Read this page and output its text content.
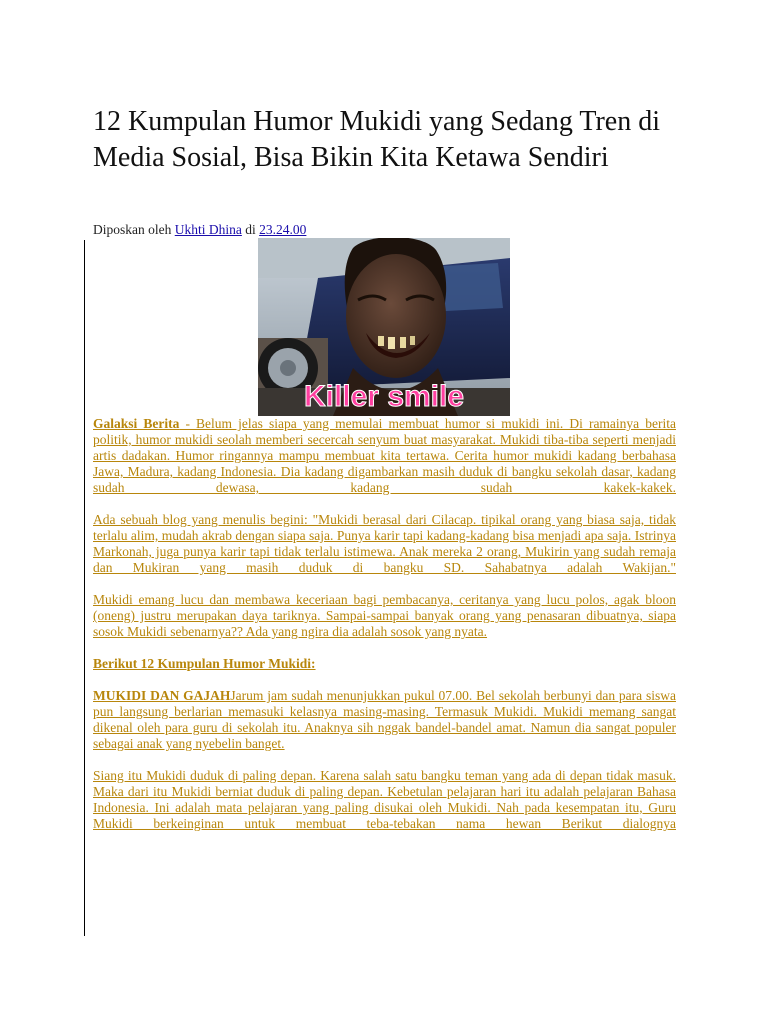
12 Kumpulan Humor Mukidi yang Sedang Tren di Media Sosial, Bisa Bikin Kita Ketawa Sendiri
Diposkan oleh Ukhti Dhina di 23.24.00
Killer smile

Galaksi Berita - Belum jelas siapa yang memulai membuat humor si mukidi ini. Di ramainya berita politik, humor mukidi seolah memberi secercah senyum buat masyarakat. Mukidi tiba-tiba seperti menjadi artis dadakan. Humor ringannya mampu membuat kita tertawa. Cerita humor mukidi kadang berbahasa Jawa, Madura, kadang Indonesia. Dia kadang digambarkan masih duduk di bangku sekolah dasar, kadang sudah dewasa, kadang sudah kakek-kakek.

Ada sebuah blog yang menulis begini: "Mukidi berasal dari Cilacap. tipikal orang yang biasa saja, tidak terlalu alim, mudah akrab dengan siapa saja. Punya karir tapi kadang-kadang bisa menjadi apa saja. Istrinya Markonah, juga punya karir tapi tidak terlalu istimewa. Anak mereka 2 orang, Mukirin yang sudah remaja dan Mukiran yang masih duduk di bangku SD. Sahabatnya adalah Wakijan."

Mukidi emang lucu dan membawa keceriaan bagi pembacanya, ceritanya yang lucu polos, agak bloon (oneng) justru merupakan daya tariknya. Sampai-sampai banyak orang yang penasaran dibuatnya, siapa sosok Mukidi sebenarnya?? Ada yang ngira dia adalah sosok yang nyata.

Berikut 12 Kumpulan Humor Mukidi:

MUKIDI DAN GAJAHJarum jam sudah menunjukkan pukul 07.00. Bel sekolah berbunyi dan para siswa pun langsung berlarian memasuki kelasnya masing-masing. Termasuk Mukidi. Mukidi memang sangat dikenal oleh para guru di sekolah itu. Anaknya sih nggak bandel-bandel amat. Namun dia sangat populer sebagai anak yang nyebelin banget.

Siang itu Mukidi duduk di paling depan. Karena salah satu bangku teman yang ada di depan tidak masuk. Maka dari itu Mukidi berniat duduk di paling depan. Kebetulan pelajaran hari itu adalah pelajaran Bahasa Indonesia. Ini adalah mata pelajaran yang paling disukai oleh Mukidi. Nah pada kesempatan itu, Guru Mukidi berkeinginan untuk membuat teba-tebakan nama hewan Berikut dialognya
